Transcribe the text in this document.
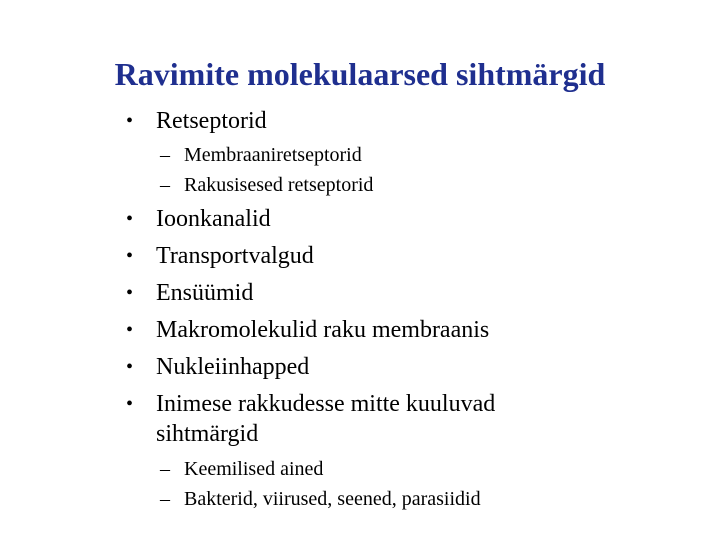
Ravimite molekulaarsed sihtmärgid
• Retseptorid
– Membraaniretseptorid
– Rakusisesed retseptorid
• Ioonkanalid
• Transportvalgud
• Ensüümid
• Makromolekulid raku membraanis
• Nukleiinhapped
• Inimese rakkudesse mitte kuuluvad
sihtmärgid
– Keemilised ained
– Bakterid, viirused, seened, parasiidid
